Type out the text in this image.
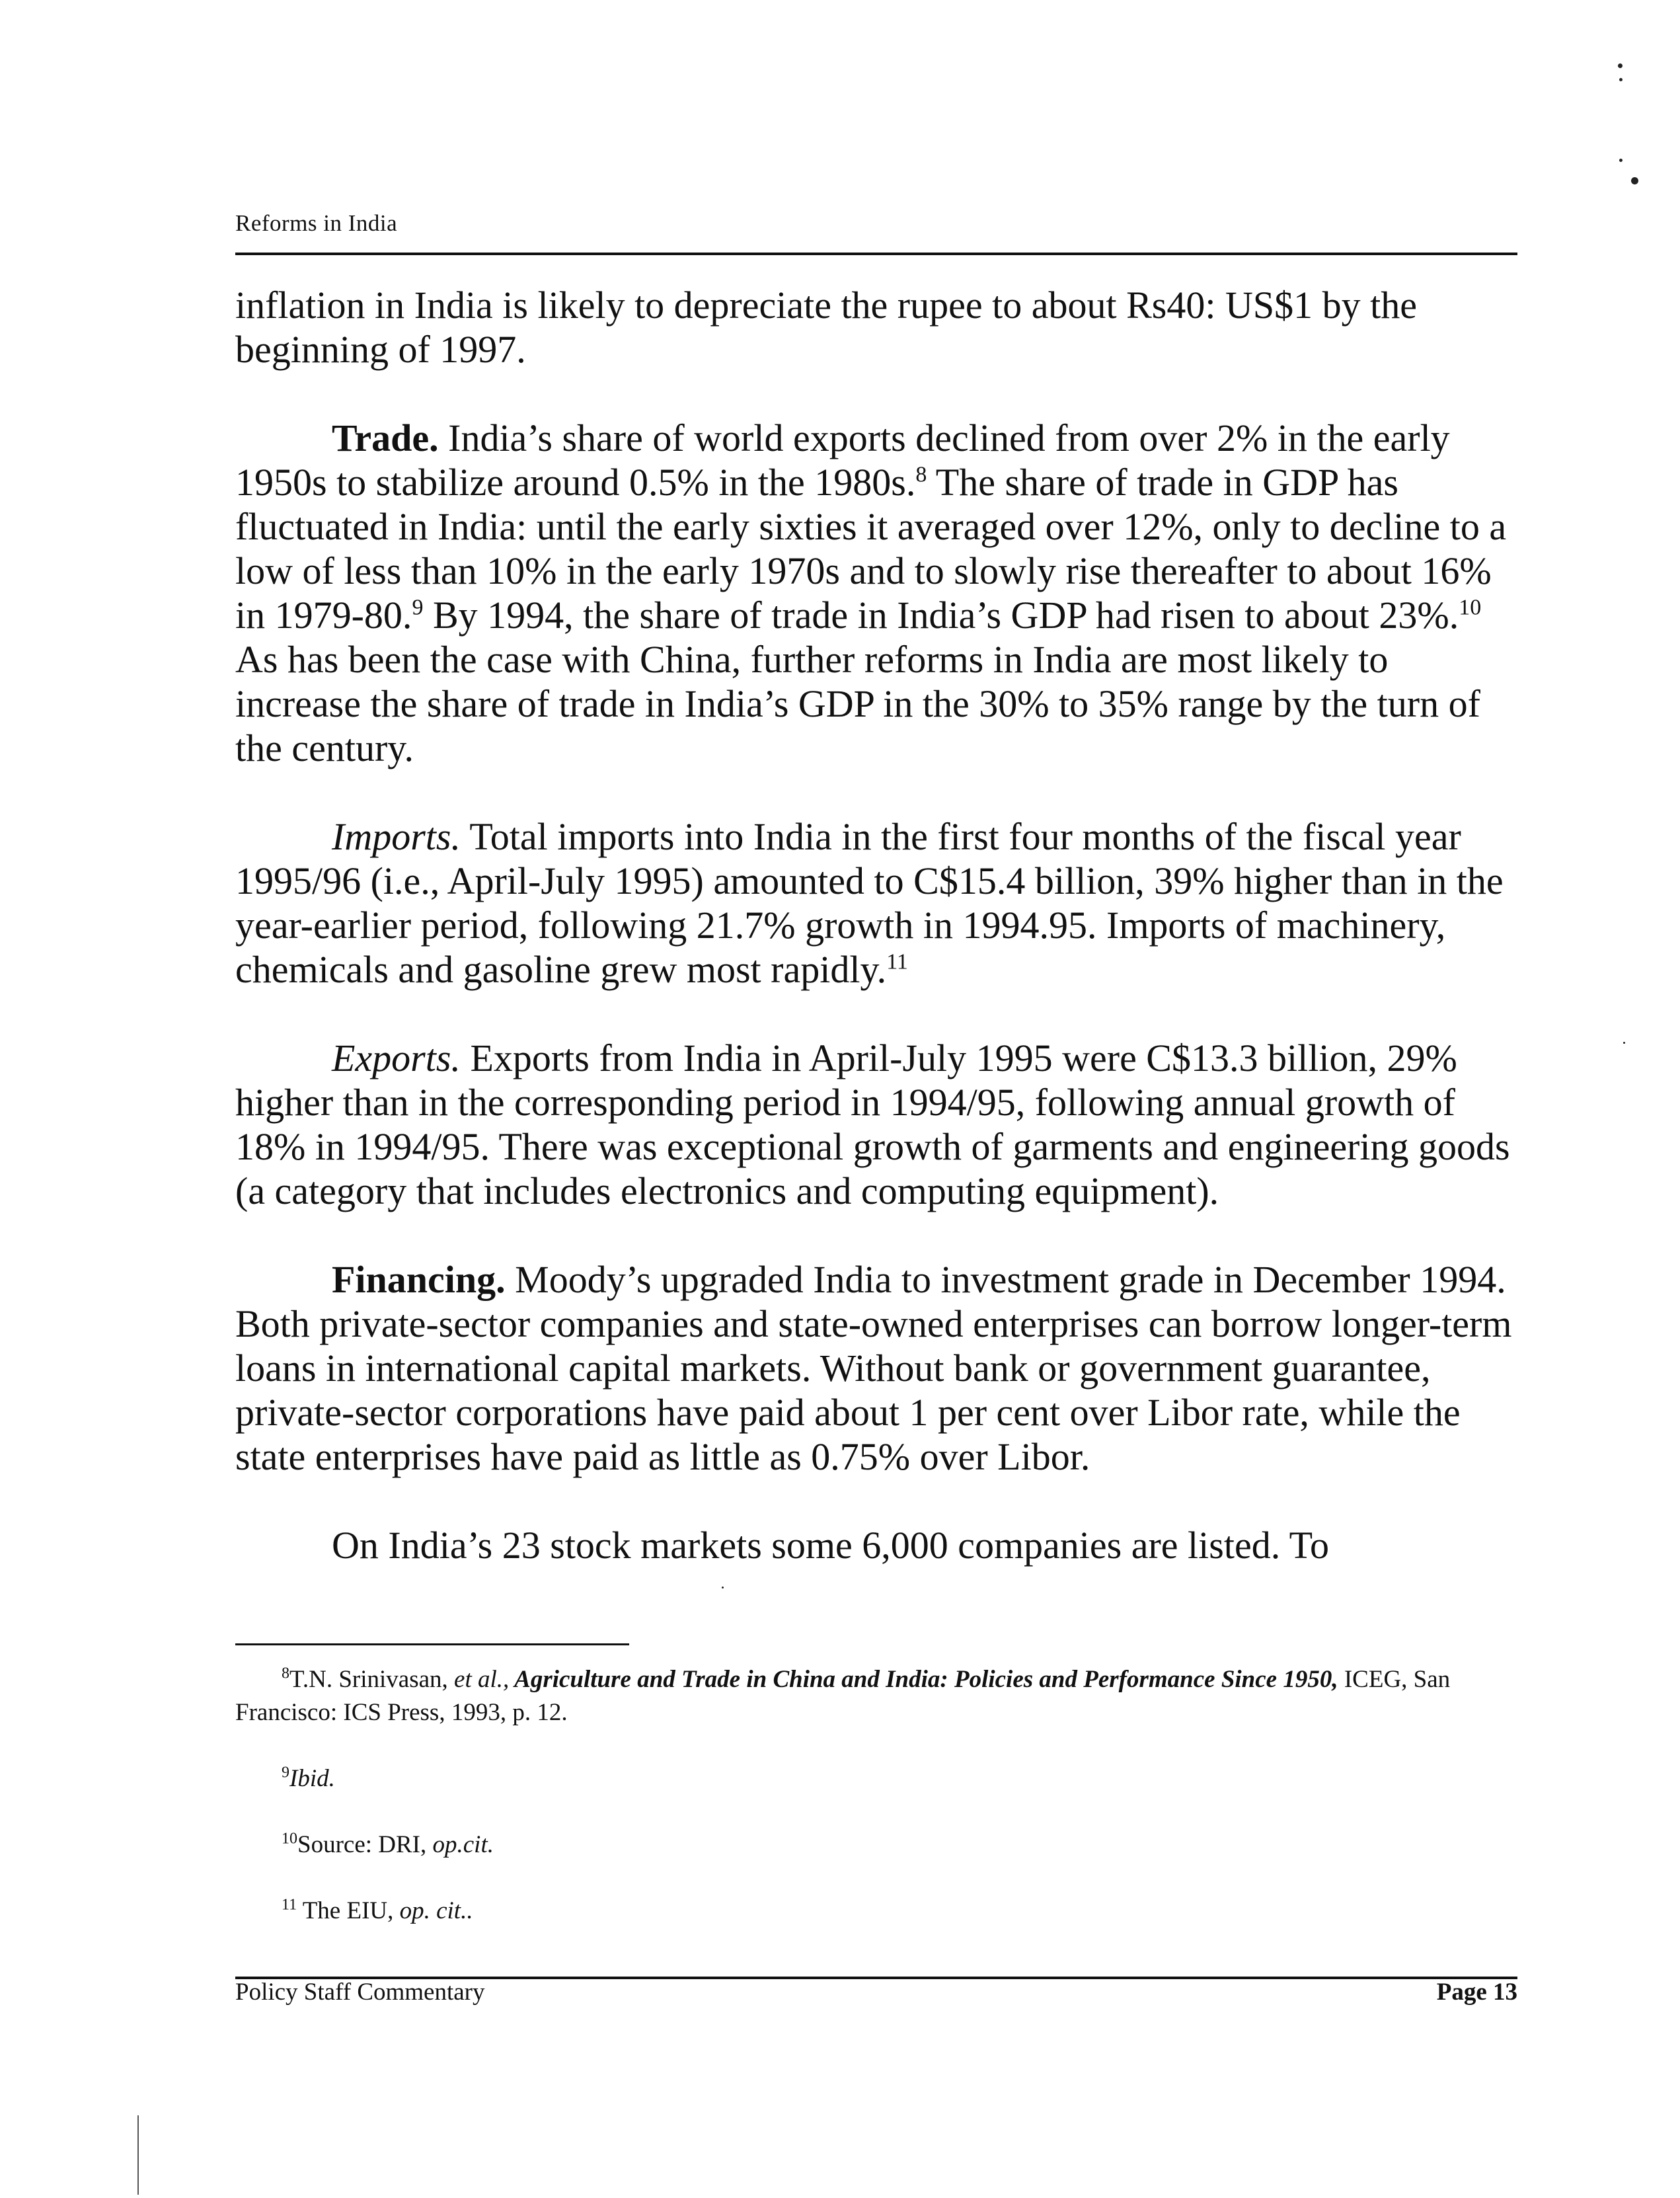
Reforms in India

inflation in India is likely to depreciate the rupee to about Rs40: US$1 by the beginning of 1997.

Trade. India’s share of world exports declined from over 2% in the early 1950s to stabilize around 0.5% in the 1980s.$^8$ The share of trade in GDP has fluctuated in India: until the early sixties it averaged over 12%, only to decline to a low of less than 10% in the early 1970s and to slowly rise thereafter to about 16% in 1979-80.$^9$ By 1994, the share of trade in India’s GDP had risen to about 23%.$^{10}$ As has been the case with China, further reforms in India are most likely to increase the share of trade in India’s GDP in the 30% to 35% range by the turn of the century.

Imports. Total imports into India in the first four months of the fiscal year 1995/96 (i.e., April-July 1995) amounted to C$15.4 billion, 39% higher than in the year-earlier period, following 21.7% growth in 1994.95. Imports of machinery, chemicals and gasoline grew most rapidly.$^{11}$

Exports. Exports from India in April-July 1995 were C$13.3 billion, 29% higher than in the corresponding period in 1994/95, following annual growth of 18% in 1994/95. There was exceptional growth of garments and engineering goods (a category that includes electronics and computing equipment).

Financing. Moody’s upgraded India to investment grade in December 1994. Both private-sector companies and state-owned enterprises can borrow longer-term loans in international capital markets. Without bank or government guarantee, private-sector corporations have paid about 1 per cent over Libor rate, while the state enterprises have paid as little as 0.75% over Libor.

On India’s 23 stock markets some 6,000 companies are listed. To

$^8$T.N. Srinivasan, et al., Agriculture and Trade in China and India: Policies and Performance Since 1950, ICEG, San Francisco: ICS Press, 1993, p. 12.

$^9$Ibid.

$^{10}$Source: DRI, op.cit.

$^{11}$ The EIU, op. cit..

Policy Staff Commentary	Page 13
